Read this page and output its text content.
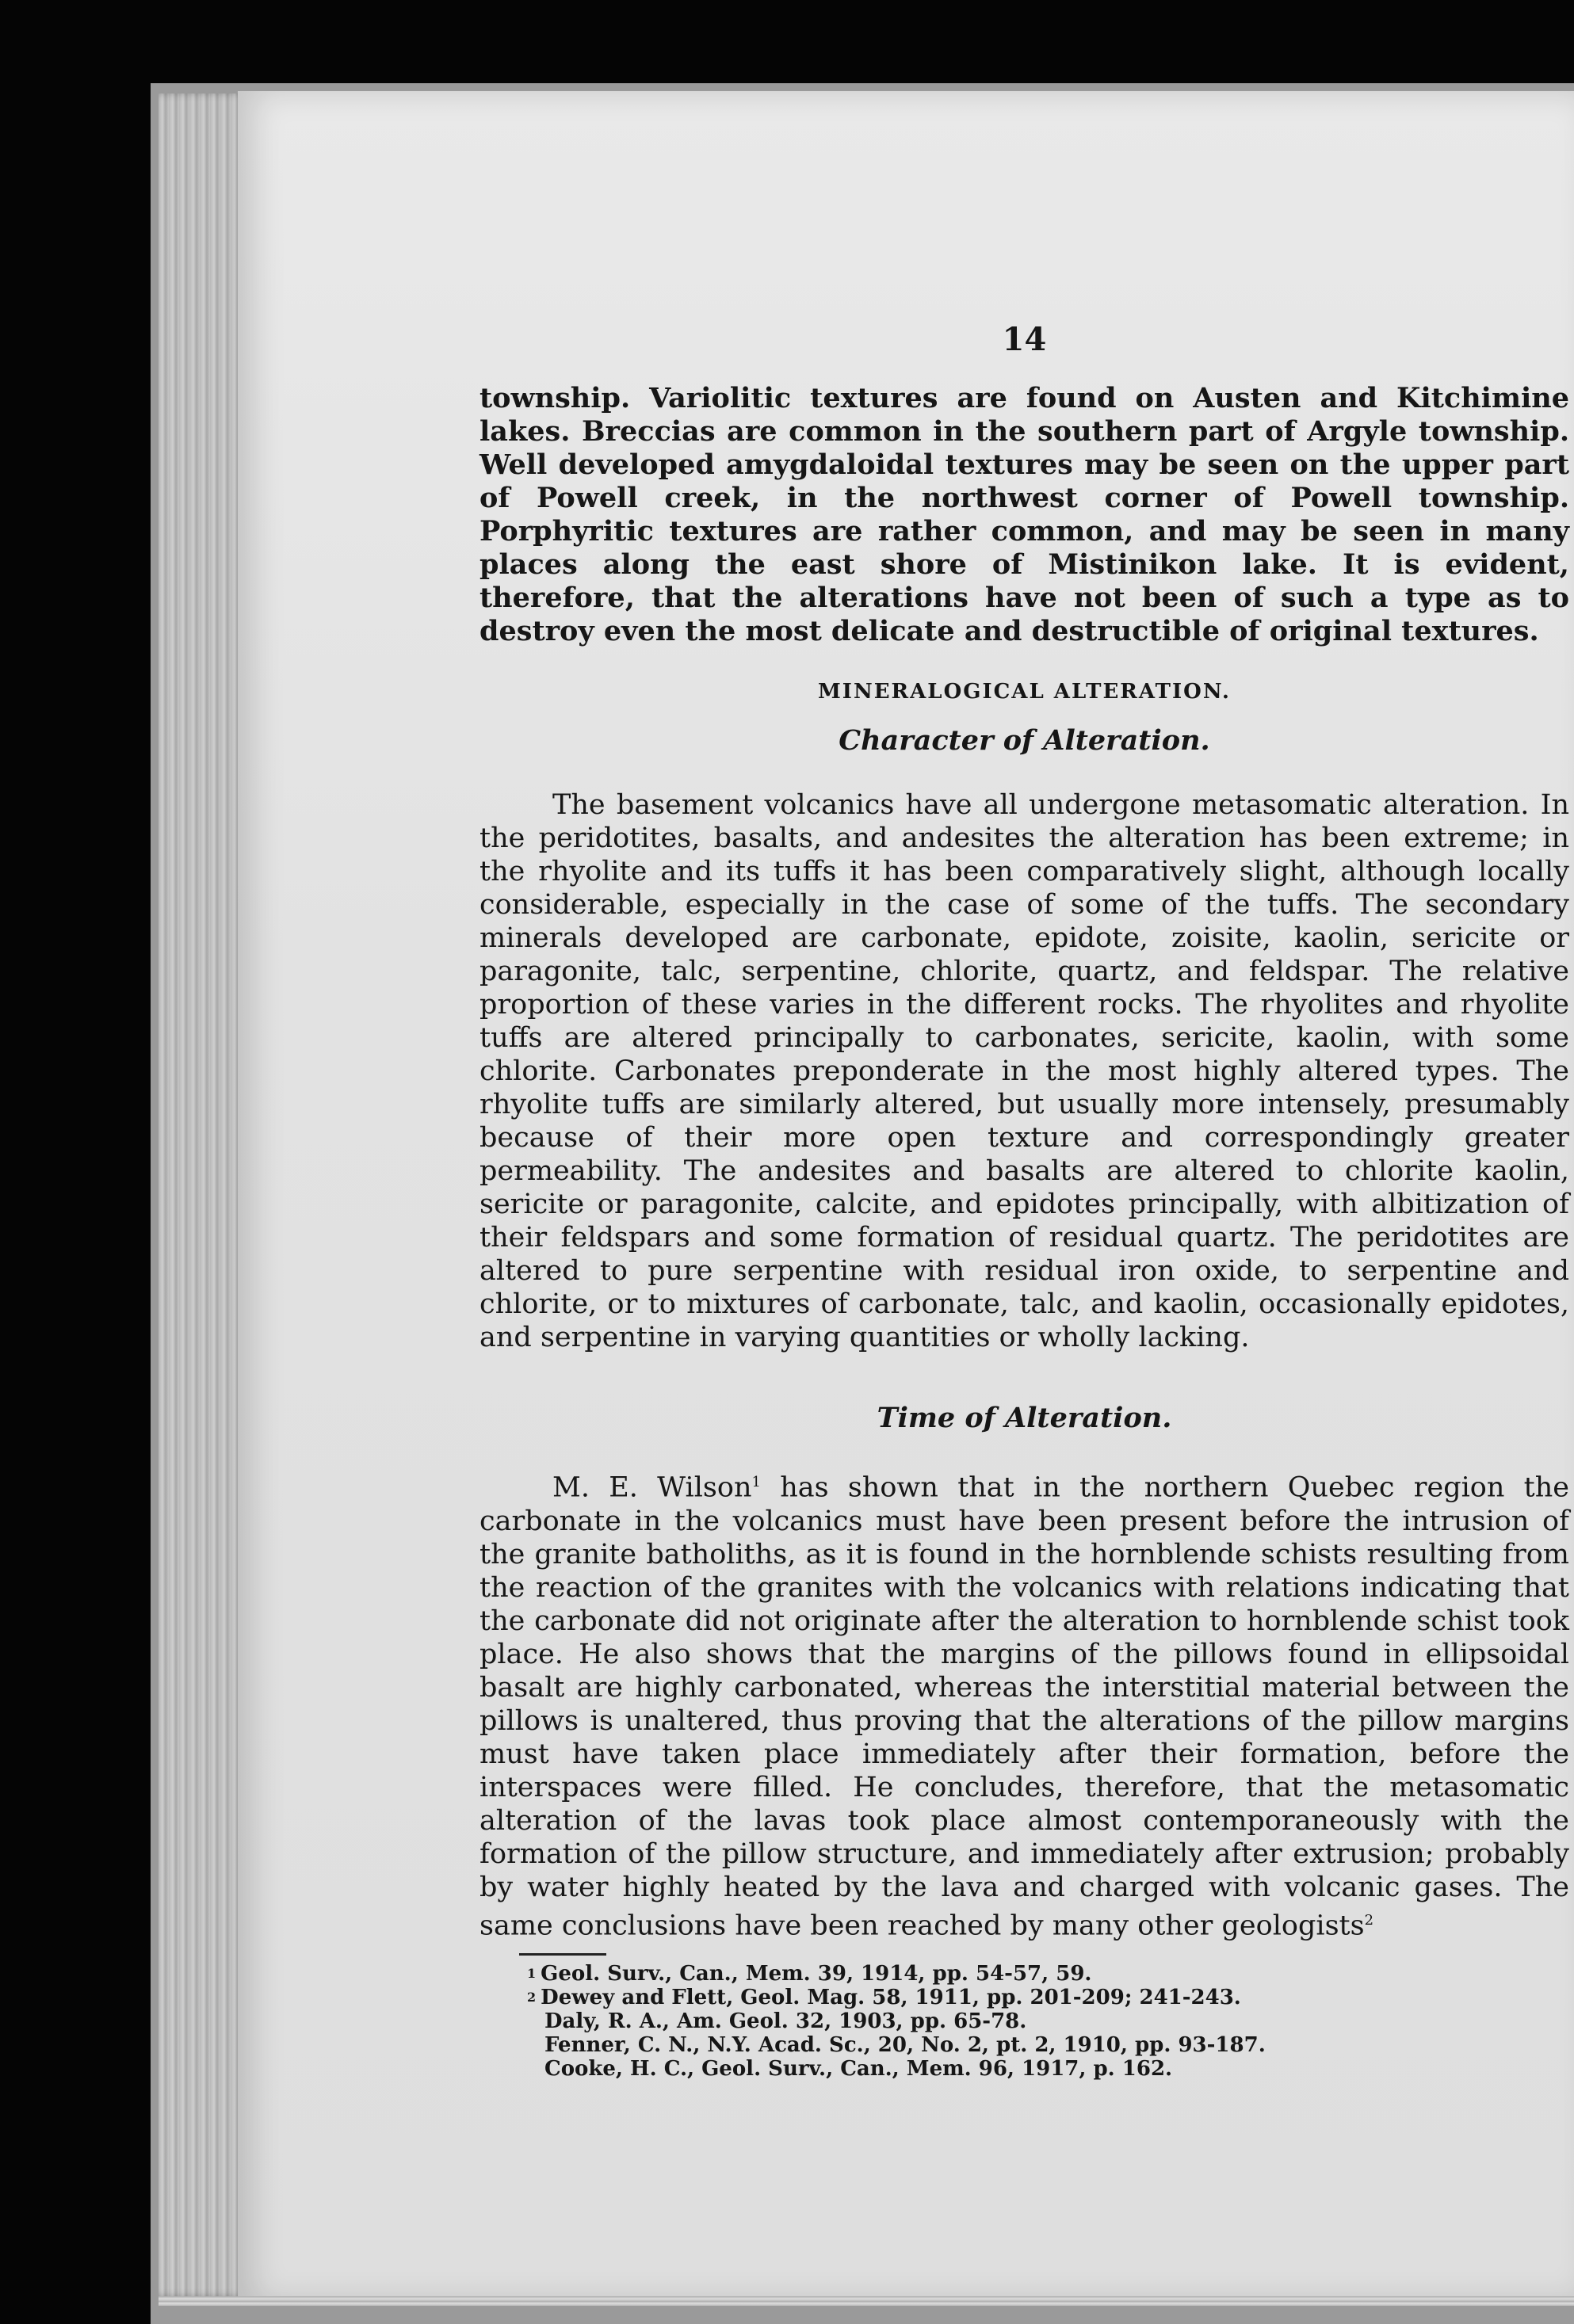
14

township. Variolitic textures are found on Austen and Kitchimine lakes. Breccias are common in the southern part of Argyle township. Well developed amygdaloidal textures may be seen on the upper part of Powell creek, in the northwest corner of Powell township. Porphyritic textures are rather common, and may be seen in many places along the east shore of Mistinikon lake. It is evident, therefore, that the alterations have not been of such a type as to destroy even the most delicate and destructible of original textures.

MINERALOGICAL ALTERATION.
Character of Alteration.

The basement volcanics have all undergone metasomatic alteration. In the peridotites, basalts, and andesites the alteration has been extreme; in the rhyolite and its tuffs it has been comparatively slight, although locally considerable, especially in the case of some of the tuffs. The secondary minerals developed are carbonate, epidote, zoisite, kaolin, sericite or paragonite, talc, serpentine, chlorite, quartz, and feldspar. The relative proportion of these varies in the different rocks. The rhyolites and rhyolite tuffs are altered principally to carbonates, sericite, kaolin, with some chlorite. Carbonates preponderate in the most highly altered types. The rhyolite tuffs are similarly altered, but usually more intensely, presumably because of their more open texture and correspondingly greater permeability. The andesites and basalts are altered to chlorite kaolin, sericite or paragonite, calcite, and epidotes principally, with albitization of their feldspars and some formation of residual quartz. The peridotites are altered to pure serpentine with residual iron oxide, to serpentine and chlorite, or to mixtures of carbonate, talc, and kaolin, occasionally epidotes, and serpentine in varying quantities or wholly lacking.

Time of Alteration.

M. E. Wilson$^1$ has shown that in the northern Quebec region the carbonate in the volcanics must have been present before the intrusion of the granite batholiths, as it is found in the hornblende schists resulting from the reaction of the granites with the volcanics with relations indicating that the carbonate did not originate after the alteration to hornblende schist took place. He also shows that the margins of the pillows found in ellipsoidal basalt are highly carbonated, whereas the interstitial material between the pillows is unaltered, thus proving that the alterations of the pillow margins must have taken place immediately after their formation, before the interspaces were filled. He concludes, therefore, that the metasomatic alteration of the lavas took place almost contemporaneously with the formation of the pillow structure, and immediately after extrusion; probably by water highly heated by the lava and charged with volcanic gases. The same conclusions have been reached by many other geologists$^2$

$^1$ Geol. Surv., Can., Mem. 39, 1914, pp. 54-57, 59.
$^2$ Dewey and Flett, Geol. Mag. 58, 1911, pp. 201-209; 241-243.
Daly, R. A., Am. Geol. 32, 1903, pp. 65-78.
Fenner, C. N., N.Y. Acad. Sc., 20, No. 2, pt. 2, 1910, pp. 93-187.
Cooke, H. C., Geol. Surv., Can., Mem. 96, 1917, p. 162.
